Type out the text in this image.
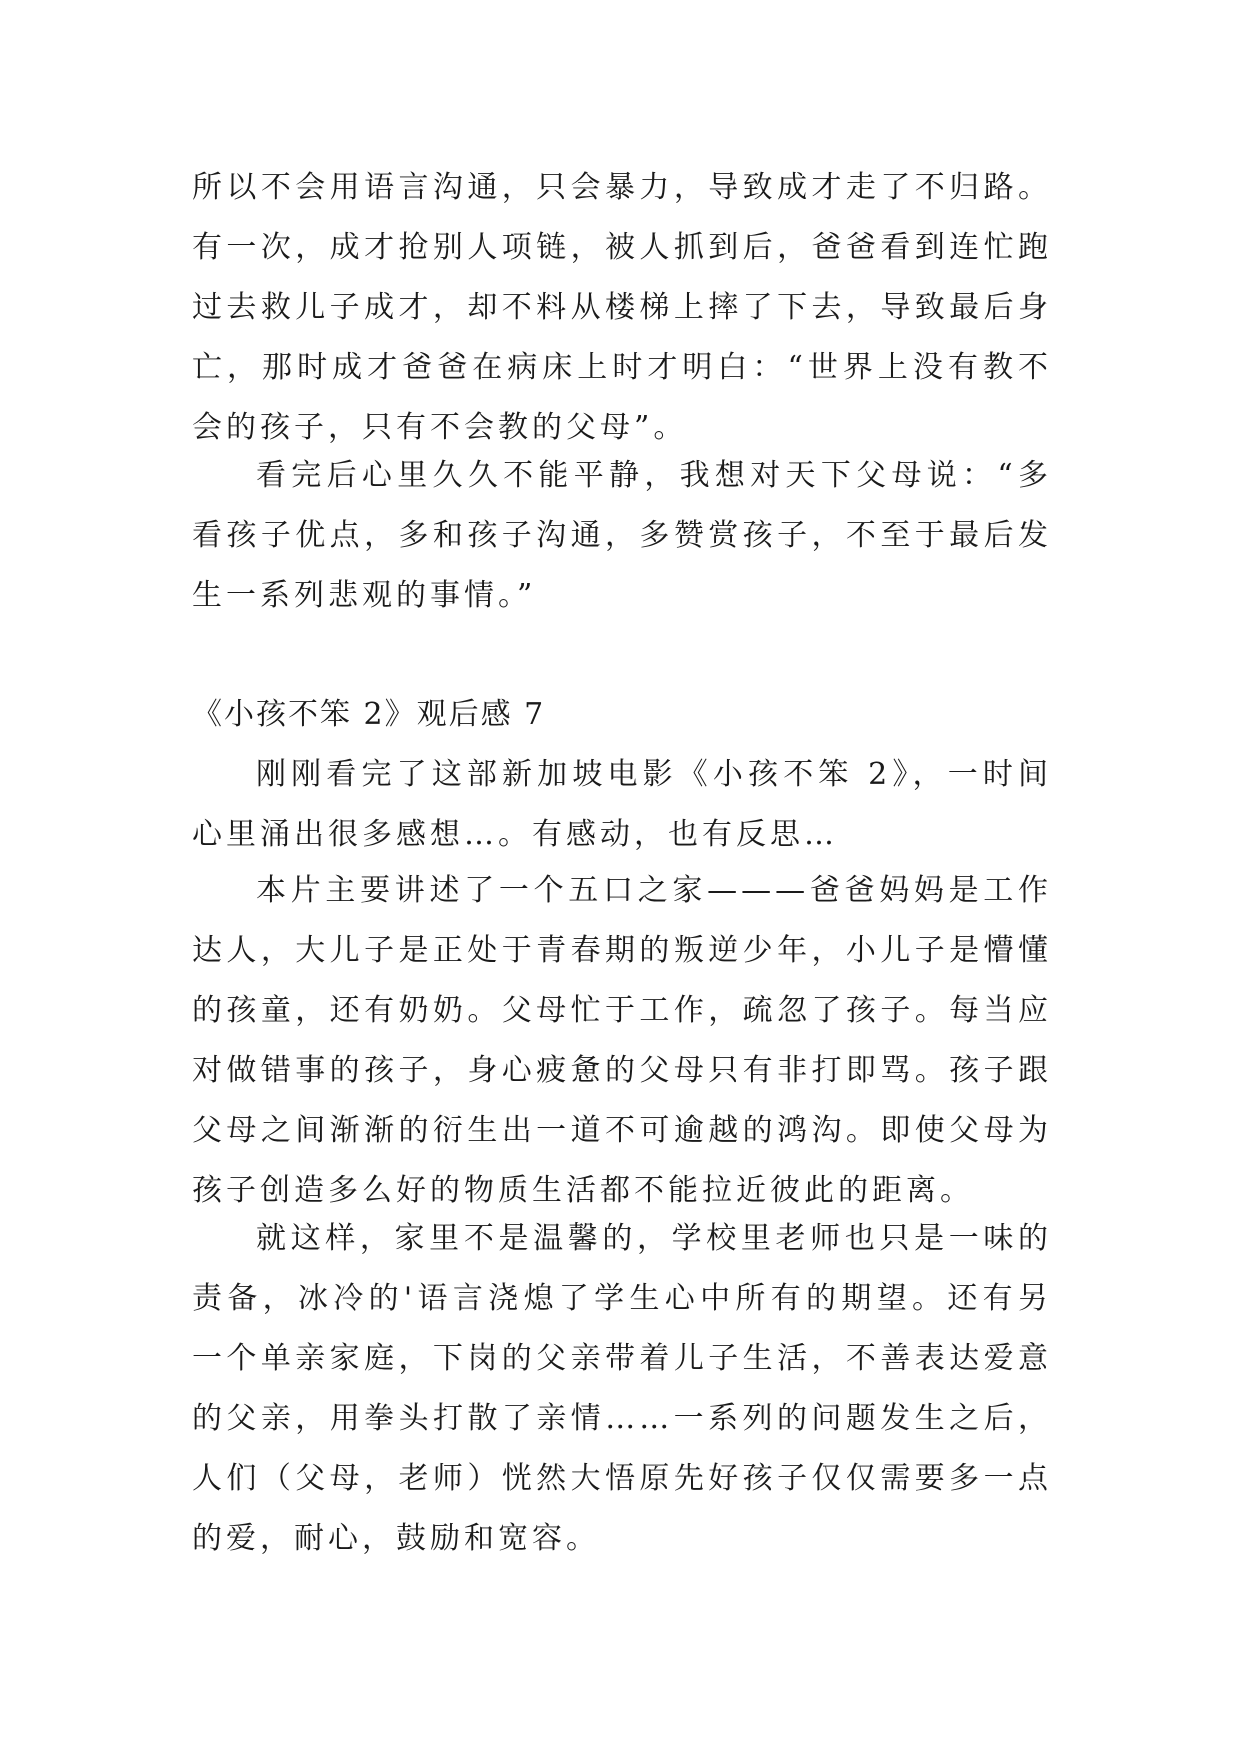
所以不会用语言沟通，只会暴力，导致成才走了不归路。有一次，成才抢别人项链，被人抓到后，爸爸看到连忙跑过去救儿子成才，却不料从楼梯上摔了下去，导致最后身亡，那时成才爸爸在病床上时才明白：“世界上没有教不会的孩子，只有不会教的父母”。

看完后心里久久不能平静，我想对天下父母说：“多看孩子优点，多和孩子沟通，多赞赏孩子，不至于最后发生一系列悲观的事情。”

《小孩不笨 2》观后感 7

刚刚看完了这部新加坡电影《小孩不笨 2》，一时间心里涌出很多感想…。有感动，也有反思…

本片主要讲述了一个五口之家———爸爸妈妈是工作达人，大儿子是正处于青春期的叛逆少年，小儿子是懵懂的孩童，还有奶奶。父母忙于工作，疏忽了孩子。每当应对做错事的孩子，身心疲惫的父母只有非打即骂。孩子跟父母之间渐渐的衍生出一道不可逾越的鸿沟。即使父母为孩子创造多么好的物质生活都不能拉近彼此的距离。

就这样，家里不是温馨的，学校里老师也只是一味的责备，冰冷的'语言浇熄了学生心中所有的期望。还有另一个单亲家庭，下岗的父亲带着儿子生活，不善表达爱意的父亲，用拳头打散了亲情……一系列的问题发生之后，人们（父母，老师）恍然大悟原先好孩子仅仅需要多一点的爱，耐心，鼓励和宽容。
